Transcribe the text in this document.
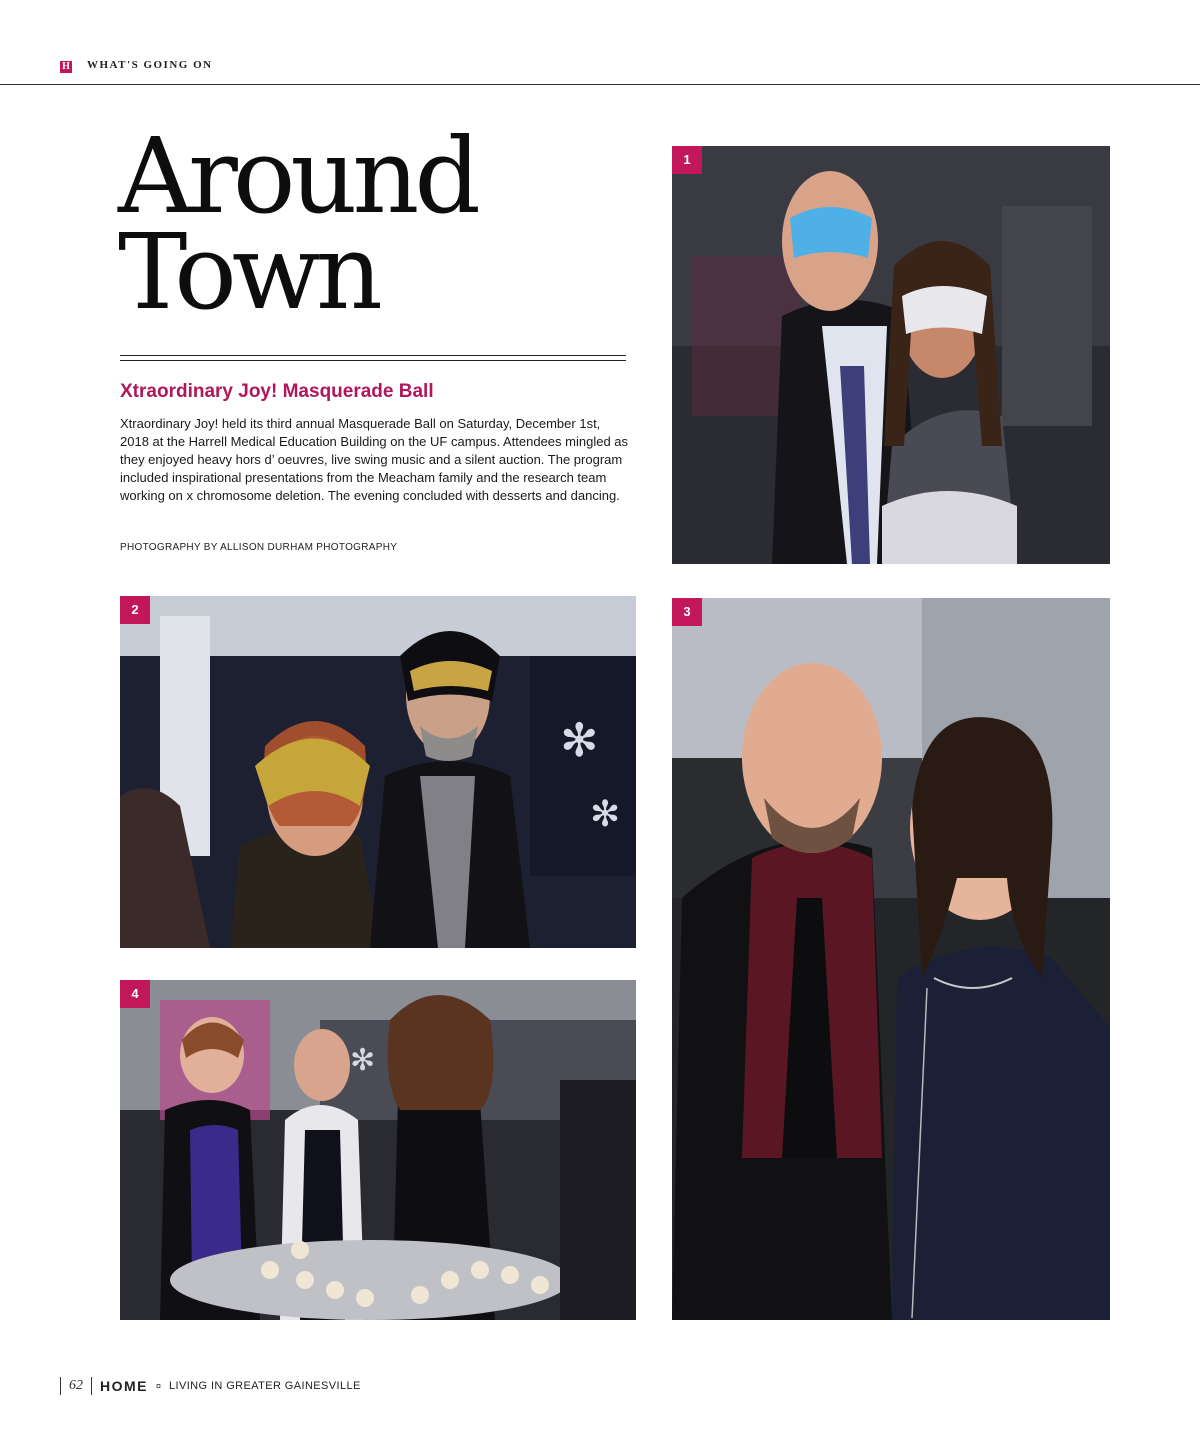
H WHAT'S GOING ON
Around
Town
Xtraordinary Joy! Masquerade Ball

Xtraordinary Joy! held its third annual Masquerade Ball on Saturday, December 1st, 2018 at the Harrell Medical Education Building on the UF campus. Attendees mingled as they enjoyed heavy hors d’ oeuvres, live swing music and a silent auction. The program included inspirational presentations from the Meacham family and the research team working on x chromosome deletion. The evening concluded with desserts and dancing.

PHOTOGRAPHY BY ALLISON DURHAM PHOTOGRAPHY
1
✻
✻
2	3
✻
4
62 HOME ¤ LIVING IN GREATER GAINESVILLE
